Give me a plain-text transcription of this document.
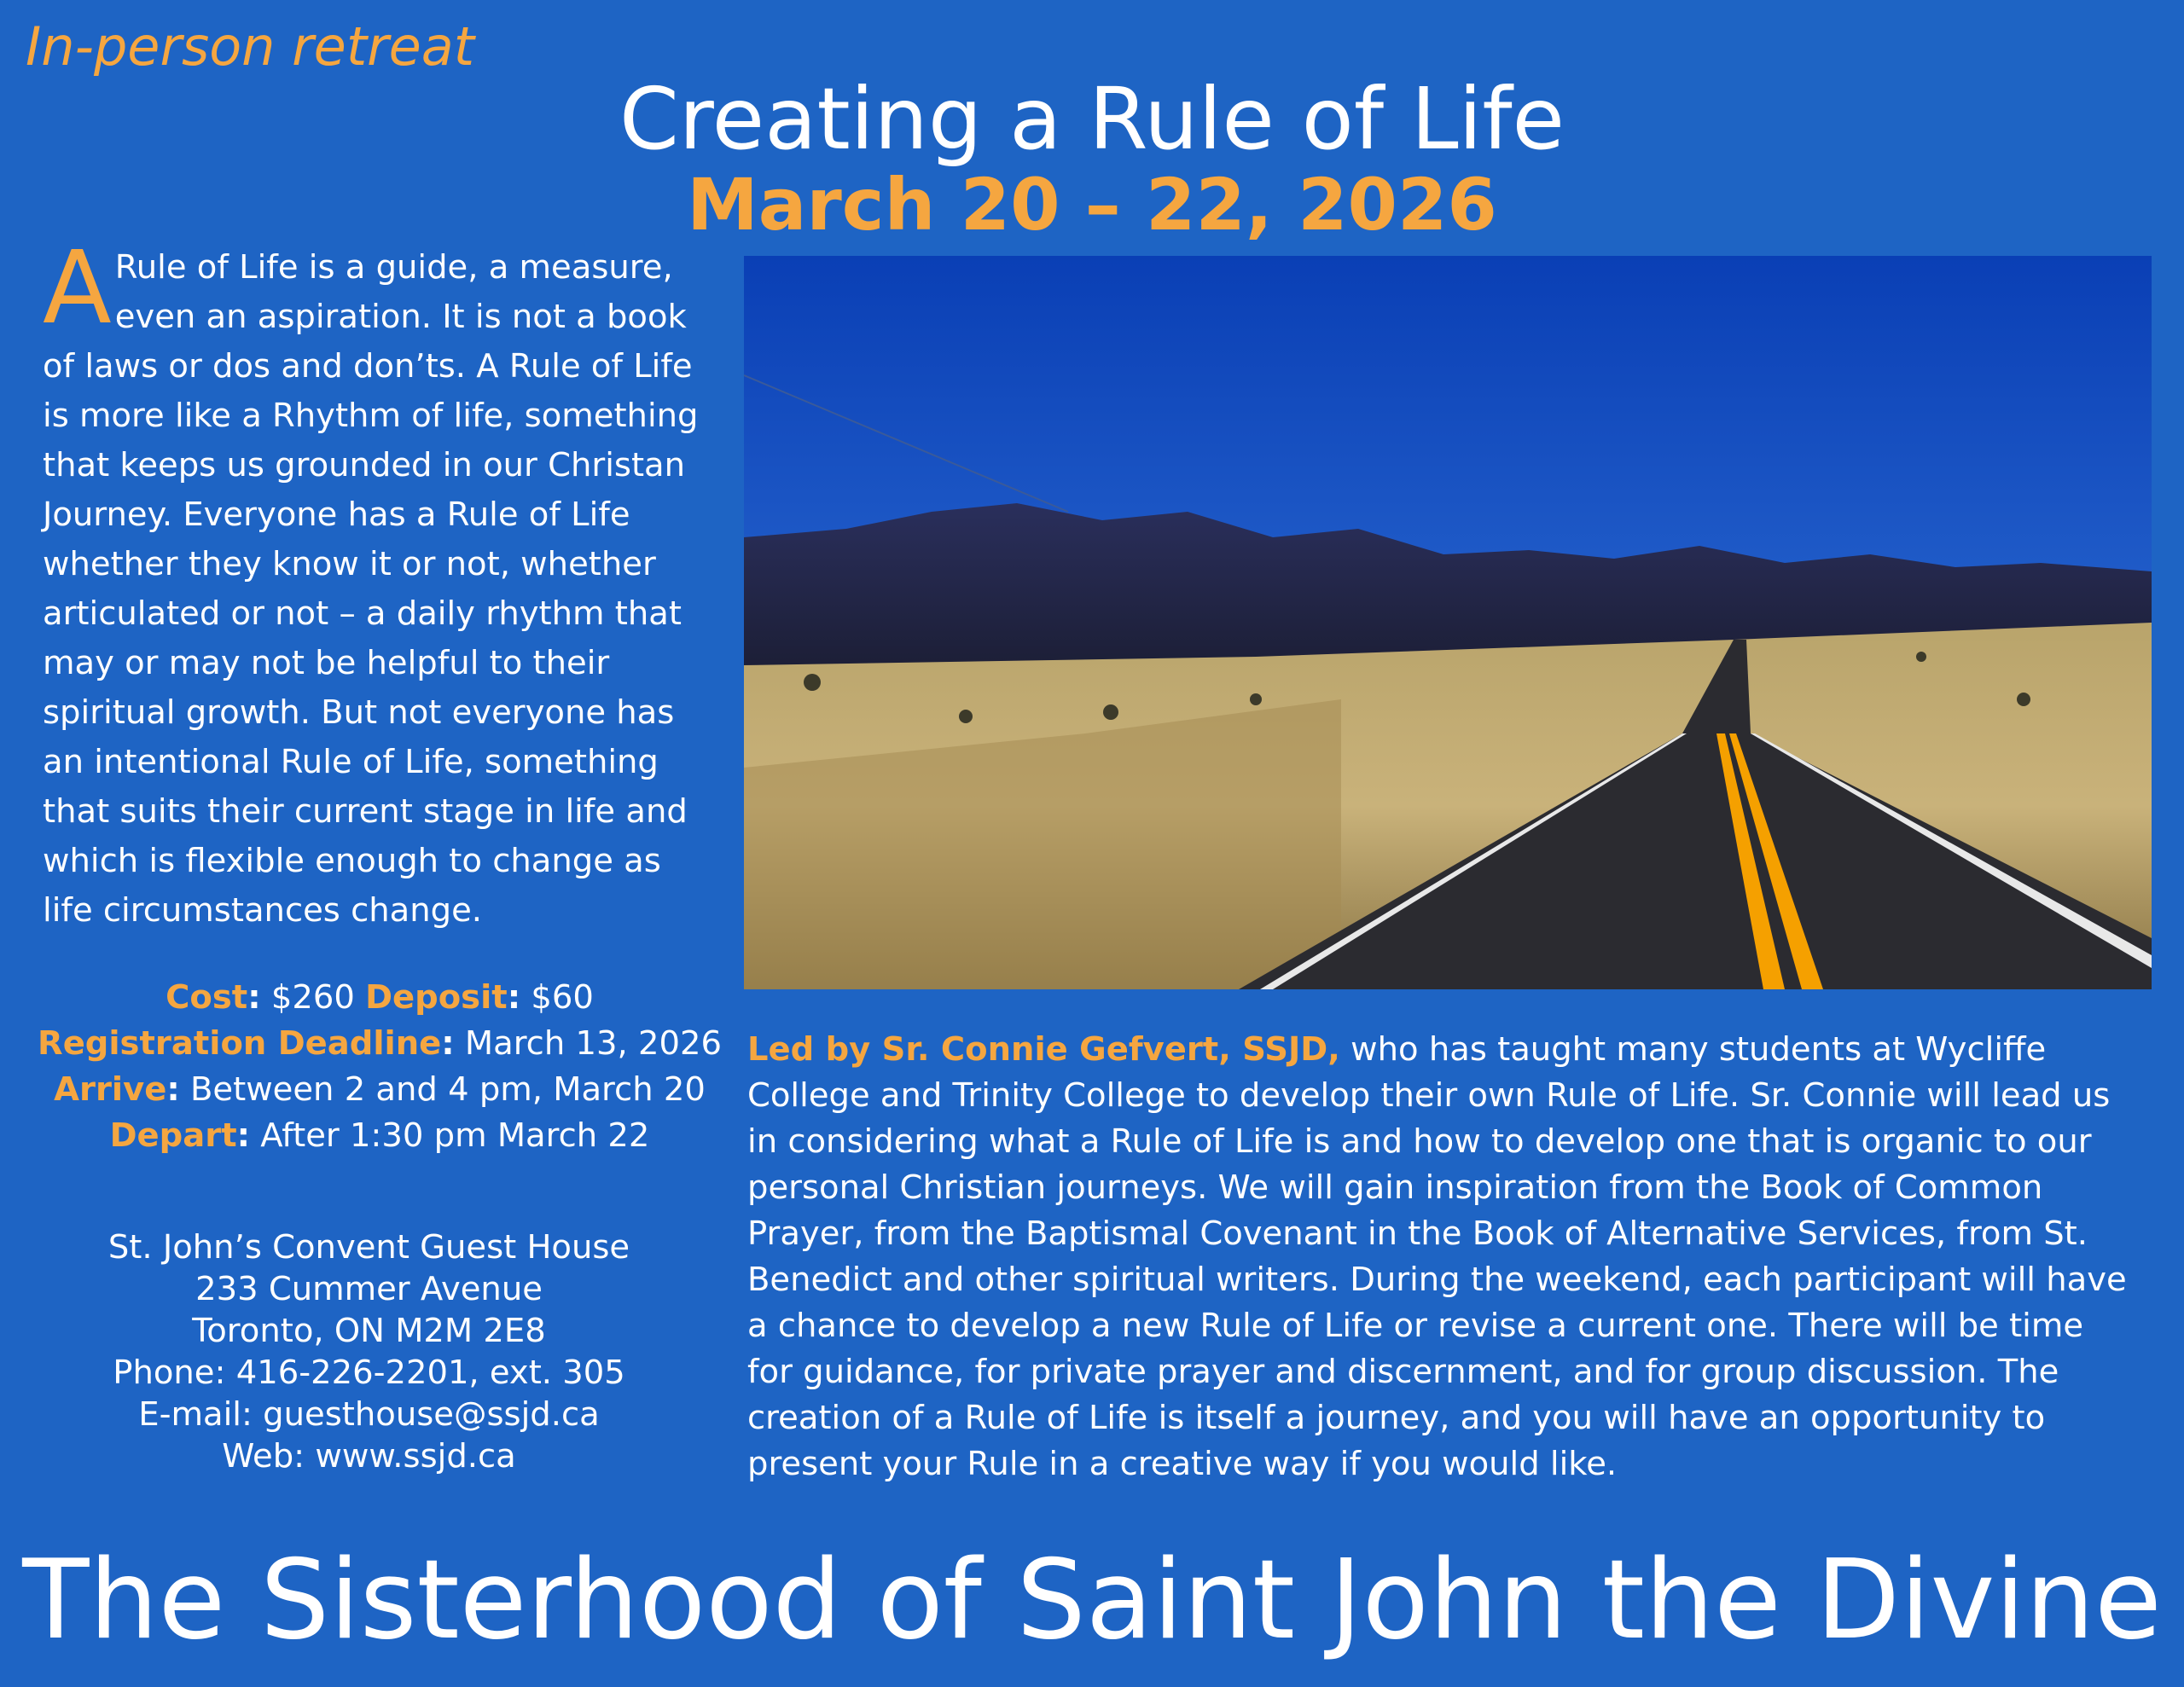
In-person retreat
Creating a Rule of Life
March 20 – 22, 2026
A Rule of Life is a guide, a measure, even an aspiration. It is not a book of laws or dos and don’ts. A Rule of Life is more like a Rhythm of life, something that keeps us grounded in our Christan Journey. Everyone has a Rule of Life whether they know it or not, whether articulated or not – a daily rhythm that may or may not be helpful to their spiritual growth. But not everyone has an intentional Rule of Life, something that suits their current stage in life and which is flexible enough to change as life circumstances change.
Cost: $260 Deposit: $60
Registration Deadline: March 13, 2026
Arrive: Between 2 and 4 pm, March 20
Depart: After 1:30 pm March 22
St. John’s Convent Guest House
233 Cummer Avenue
Toronto, ON M2M 2E8
Phone: 416-226-2201, ext. 305
E-mail: guesthouse@ssjd.ca
Web: www.ssjd.ca
Led by Sr. Connie Gefvert, SSJD, who has taught many students at Wycliffe College and Trinity College to develop their own Rule of Life. Sr. Connie will lead us in considering what a Rule of Life is and how to develop one that is organic to our personal Christian journeys. We will gain inspiration from the Book of Common Prayer, from the Baptismal Covenant in the Book of Alternative Services, from St. Benedict and other spiritual writers. During the weekend, each participant will have a chance to develop a new Rule of Life or revise a current one. There will be time for guidance, for private prayer and discernment, and for group discussion. The creation of a Rule of Life is itself a journey, and you will have an opportunity to present your Rule in a creative way if you would like.
The Sisterhood of Saint John the Divine
